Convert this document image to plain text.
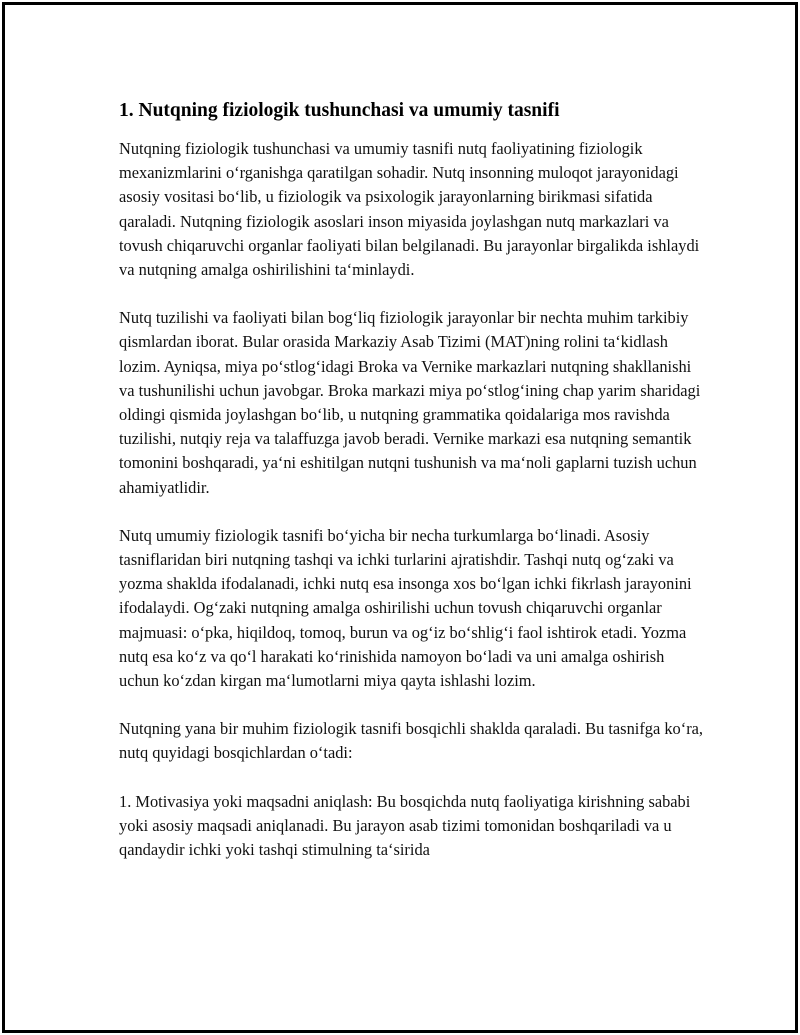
1. Nutqning fiziologik tushunchasi va umumiy tasnifi

Nutqning fiziologik tushunchasi va umumiy tasnifi nutq faoliyatining fiziologik mexanizmlarini o‘rganishga qaratilgan sohadir. Nutq insonning muloqot jarayonidagi asosiy vositasi bo‘lib, u fiziologik va psixologik jarayonlarning birikmasi sifatida qaraladi. Nutqning fiziologik asoslari inson miyasida joylashgan nutq markazlari va tovush chiqaruvchi organlar faoliyati bilan belgilanadi. Bu jarayonlar birgalikda ishlaydi va nutqning amalga oshirilishini ta‘minlaydi.

Nutq tuzilishi va faoliyati bilan bog‘liq fiziologik jarayonlar bir nechta muhim tarkibiy qismlardan iborat. Bular orasida Markaziy Asab Tizimi (MAT)ning rolini ta‘kidlash lozim. Ayniqsa, miya po‘stlog‘idagi Broka va Vernike markazlari nutqning shakllanishi va tushunilishi uchun javobgar. Broka markazi miya po‘stlog‘ining chap yarim sharidagi oldingi qismida joylashgan bo‘lib, u nutqning grammatika qoidalariga mos ravishda tuzilishi, nutqiy reja va talaffuzga javob beradi. Vernike markazi esa nutqning semantik tomonini boshqaradi, ya‘ni eshitilgan nutqni tushunish va ma‘noli gaplarni tuzish uchun ahamiyatlidir.

Nutq umumiy fiziologik tasnifi bo‘yicha bir necha turkumlarga bo‘linadi. Asosiy tasniflaridan biri nutqning tashqi va ichki turlarini ajratishdir. Tashqi nutq og‘zaki va yozma shaklda ifodalanadi, ichki nutq esa insonga xos bo‘lgan ichki fikrlash jarayonini ifodalaydi. Og‘zaki nutqning amalga oshirilishi uchun tovush chiqaruvchi organlar majmuasi: o‘pka, hiqildoq, tomoq, burun va og‘iz bo‘shlig‘i faol ishtirok etadi. Yozma nutq esa ko‘z va qo‘l harakati ko‘rinishida namoyon bo‘ladi va uni amalga oshirish uchun ko‘zdan kirgan ma‘lumotlarni miya qayta ishlashi lozim.

Nutqning yana bir muhim fiziologik tasnifi bosqichli shaklda qaraladi. Bu tasnifga ko‘ra, nutq quyidagi bosqichlardan o‘tadi:

1. Motivasiya yoki maqsadni aniqlash: Bu bosqichda nutq faoliyatiga kirishning sababi yoki asosiy maqsadi aniqlanadi. Bu jarayon asab tizimi tomonidan boshqariladi va u qandaydir ichki yoki tashqi stimulning ta‘sirida
